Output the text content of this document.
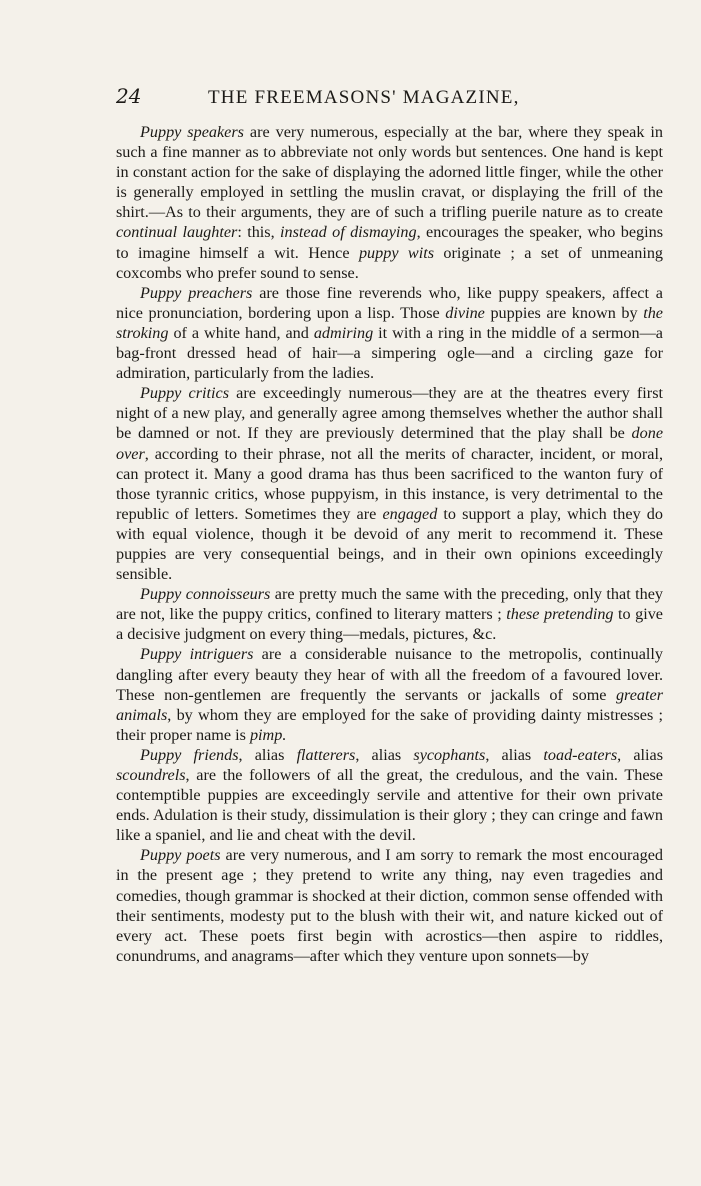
24	THE FREEMASONS' MAGAZINE,

Puppy speakers are very numerous, especially at the bar, where they speak in such a fine manner as to abbreviate not only words but sentences. One hand is kept in constant action for the sake of displaying the adorned little finger, while the other is generally employed in settling the muslin cravat, or displaying the frill of the shirt.—As to their arguments, they are of such a trifling puerile nature as to create continual laughter: this, instead of dismaying, encourages the speaker, who begins to imagine himself a wit. Hence puppy wits originate ; a set of unmeaning coxcombs who prefer sound to sense.

Puppy preachers are those fine reverends who, like puppy speakers, affect a nice pronunciation, bordering upon a lisp. Those divine puppies are known by the stroking of a white hand, and admiring it with a ring in the middle of a sermon—a bag-front dressed head of hair—a simpering ogle—and a circling gaze for admiration, particularly from the ladies.

Puppy critics are exceedingly numerous—they are at the theatres every first night of a new play, and generally agree among themselves whether the author shall be damned or not. If they are previously determined that the play shall be done over, according to their phrase, not all the merits of character, incident, or moral, can protect it. Many a good drama has thus been sacrificed to the wanton fury of those tyrannic critics, whose puppyism, in this instance, is very detrimental to the republic of letters. Sometimes they are engaged to support a play, which they do with equal violence, though it be devoid of any merit to recommend it. These puppies are very consequential beings, and in their own opinions exceedingly sensible.

Puppy connoisseurs are pretty much the same with the preceding, only that they are not, like the puppy critics, confined to literary matters ; these pretending to give a decisive judgment on every thing—medals, pictures, &c.

Puppy intriguers are a considerable nuisance to the metropolis, continually dangling after every beauty they hear of with all the freedom of a favoured lover. These non-gentlemen are frequently the servants or jackalls of some greater animals, by whom they are employed for the sake of providing dainty mistresses ; their proper name is pimp.

Puppy friends, alias flatterers, alias sycophants, alias toad-eaters, alias scoundrels, are the followers of all the great, the credulous, and the vain. These contemptible puppies are exceedingly servile and attentive for their own private ends. Adulation is their study, dissimulation is their glory ; they can cringe and fawn like a spaniel, and lie and cheat with the devil.

Puppy poets are very numerous, and I am sorry to remark the most encouraged in the present age ; they pretend to write any thing, nay even tragedies and comedies, though grammar is shocked at their diction, common sense offended with their sentiments, modesty put to the blush with their wit, and nature kicked out of every act. These poets first begin with acrostics—then aspire to riddles, conundrums, and anagrams—after which they venture upon sonnets—by
